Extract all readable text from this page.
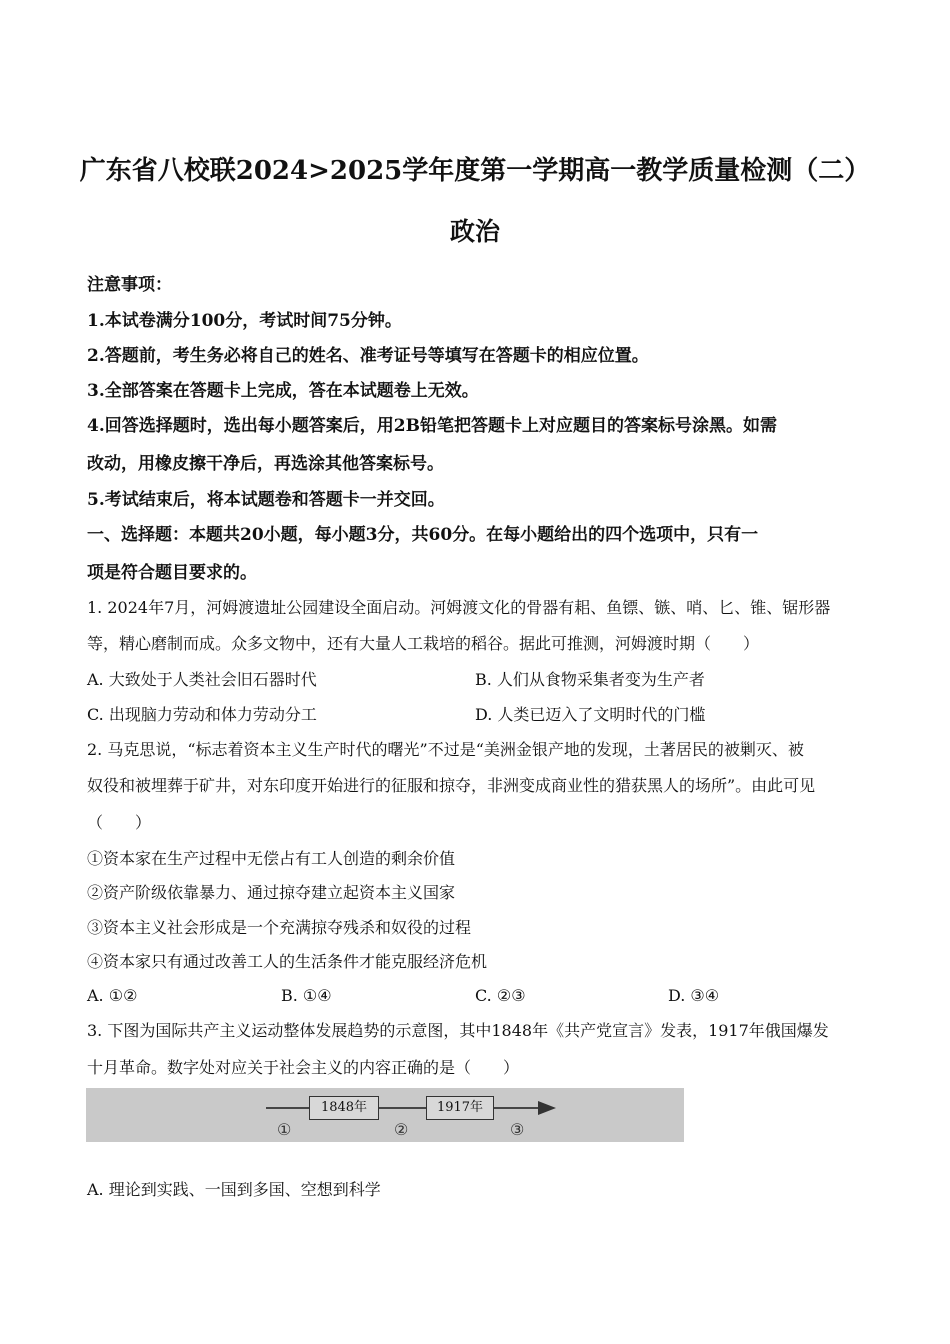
广东省八校联2024>2025学年度第一学期高一教学质量检测（二）
政治
注意事项：
1.本试卷满分100分，考试时间75分钟。
2.答题前，考生务必将自己的姓名、准考证号等填写在答题卡的相应位置。
3.全部答案在答题卡上完成，答在本试题卷上无效。
4.回答选择题时，选出每小题答案后，用2B铅笔把答题卡上对应题目的答案标号涂黑。如需
改动，用橡皮擦干净后，再选涂其他答案标号。
5.考试结束后，将本试题卷和答题卡一并交回。
一、选择题：本题共20小题，每小题3分，共60分。在每小题给出的四个选项中，只有一
项是符合题目要求的。
1. 2024年7月，河姆渡遗址公园建设全面启动。河姆渡文化的骨器有耜、鱼镖、镞、哨、匕、锥、锯形器
等，精心磨制而成。众多文物中，还有大量人工栽培的稻谷。据此可推测，河姆渡时期（　　）
A. 大致处于人类社会旧石器时代	B. 人们从食物采集者变为生产者
C. 出现脑力劳动和体力劳动分工	D. 人类已迈入了文明时代的门槛
2. 马克思说，“标志着资本主义生产时代的曙光”不过是“美洲金银产地的发现，土著居民的被剿灭、被
奴役和被埋葬于矿井，对东印度开始进行的征服和掠夺，非洲变成商业性的猎获黑人的场所”。由此可见
（　　）
①资本家在生产过程中无偿占有工人创造的剩余价值
②资产阶级依靠暴力、通过掠夺建立起资本主义国家
③资本主义社会形成是一个充满掠夺残杀和奴役的过程
④资本家只有通过改善工人的生活条件才能克服经济危机
A. ①②	B. ①④	C. ②③	D. ③④
3. 下图为国际共产主义运动整体发展趋势的示意图，其中1848年《共产党宣言》发表，1917年俄国爆发
十月革命。数字处对应关于社会主义的内容正确的是（　　）
1848年	1917年
①	②	③
A. 理论到实践、一国到多国、空想到科学
